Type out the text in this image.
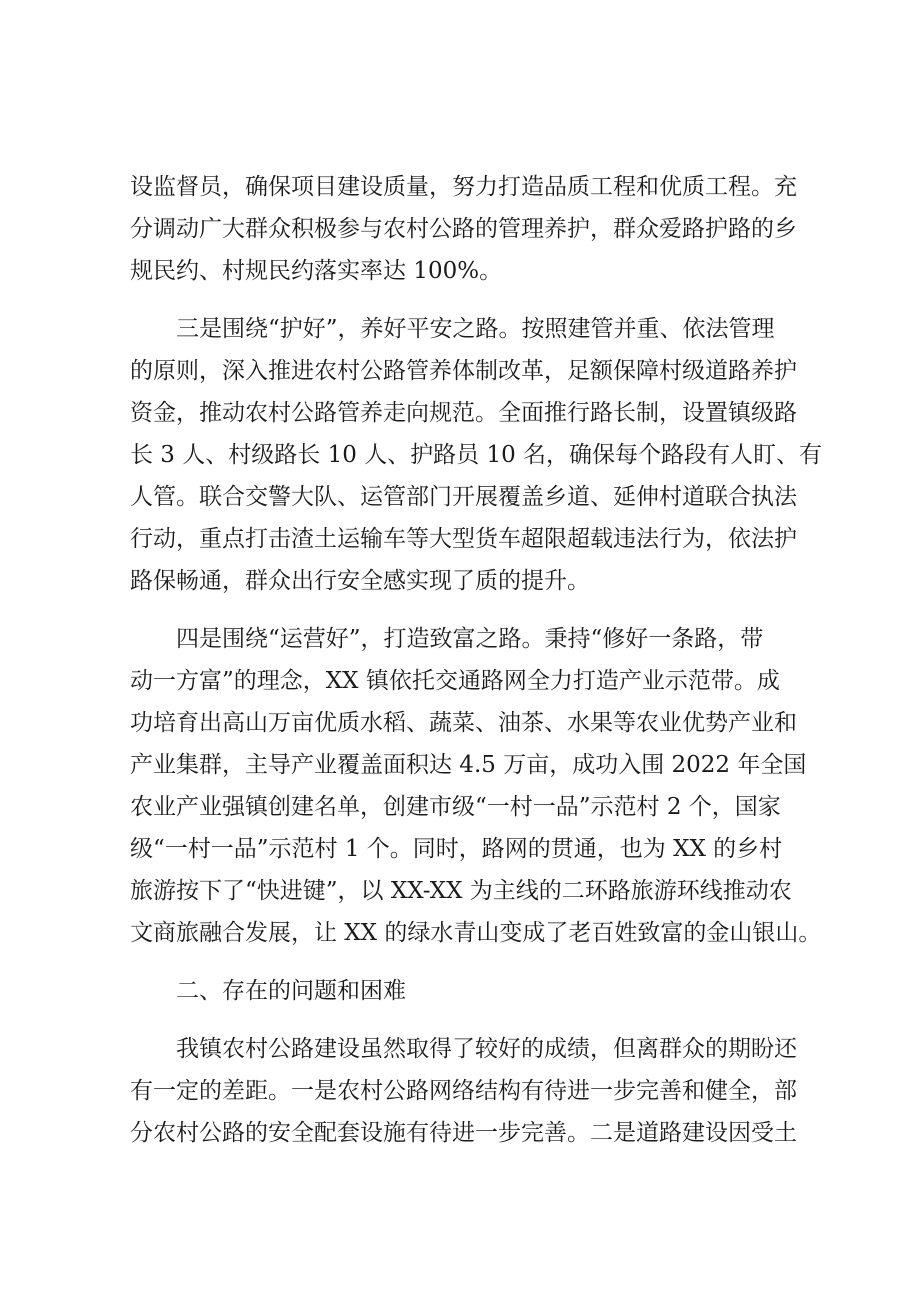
设监督员，确保项目建设质量，努力打造品质工程和优质工程。充
分调动广大群众积极参与农村公路的管理养护，群众爱路护路的乡
规民约、村规民约落实率达 100%。

三是围绕“护好”，养好平安之路。按照建管并重、依法管理
的原则，深入推进农村公路管养体制改革，足额保障村级道路养护
资金，推动农村公路管养走向规范。全面推行路长制，设置镇级路
长 3 人、村级路长 10 人、护路员 10 名，确保每个路段有人盯、有
人管。联合交警大队、运管部门开展覆盖乡道、延伸村道联合执法
行动，重点打击渣土运输车等大型货车超限超载违法行为，依法护
路保畅通，群众出行安全感实现了质的提升。

四是围绕“运营好”，打造致富之路。秉持“修好一条路，带
动一方富”的理念，XX 镇依托交通路网全力打造产业示范带。成
功培育出高山万亩优质水稻、蔬菜、油茶、水果等农业优势产业和
产业集群，主导产业覆盖面积达 4.5 万亩，成功入围 2022 年全国
农业产业强镇创建名单，创建市级“一村一品”示范村 2 个，国家
级“一村一品”示范村 1 个。同时，路网的贯通，也为 XX 的乡村
旅游按下了“快进键”，以 XX-XX 为主线的二环路旅游环线推动农
文商旅融合发展，让 XX 的绿水青山变成了老百姓致富的金山银山。

二、存在的问题和困难

我镇农村公路建设虽然取得了较好的成绩，但离群众的期盼还
有一定的差距。一是农村公路网络结构有待进一步完善和健全，部
分农村公路的安全配套设施有待进一步完善。二是道路建设因受土
